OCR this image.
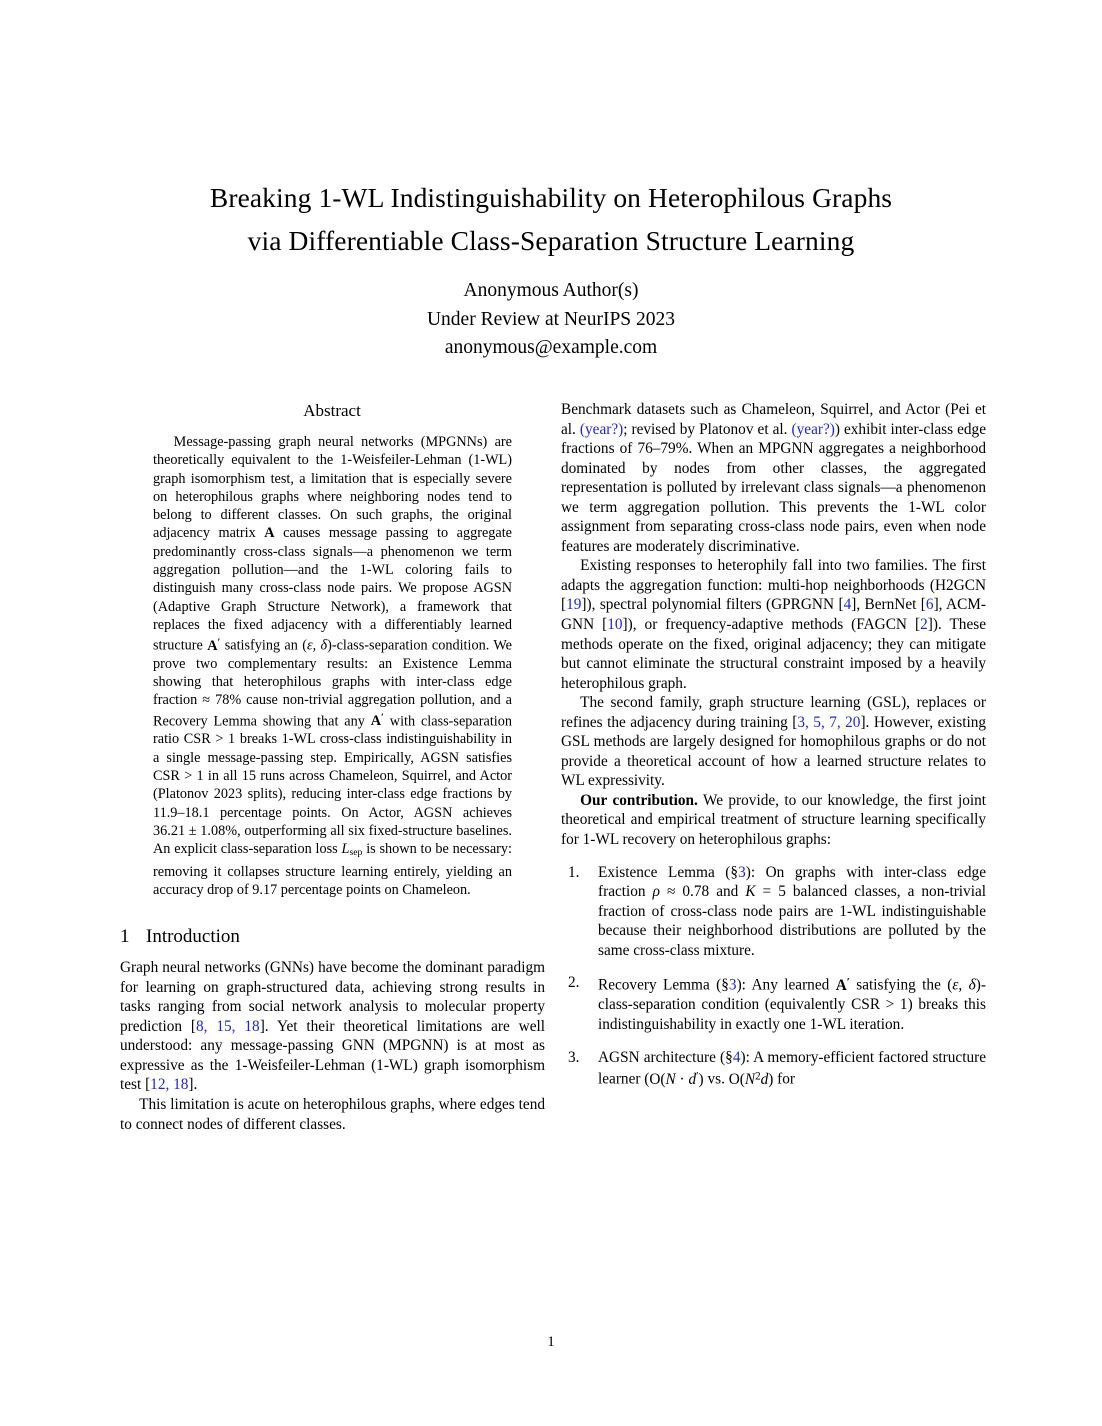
Breaking 1-WL Indistinguishability on Heterophilous Graphs
via Differentiable Class-Separation Structure Learning
Anonymous Author(s)
Under Review at NeurIPS 2023
anonymous@example.com
Abstract

Message-passing graph neural networks (MPGNNs) are theoretically equivalent to the 1-Weisfeiler-Lehman (1-WL) graph isomorphism test, a limitation that is especially severe on heterophilous graphs where neighboring nodes tend to belong to different classes. On such graphs, the original adjacency matrix A causes message passing to aggregate predominantly cross-class signals—a phenomenon we term aggregation pollution—and the 1-WL coloring fails to distinguish many cross-class node pairs. We propose AGSN (Adaptive Graph Structure Network), a framework that replaces the fixed adjacency with a differentiably learned structure A′ satisfying an (ε, δ)-class-separation condition. We prove two complementary results: an Existence Lemma showing that heterophilous graphs with inter-class edge fraction ≈ 78% cause non-trivial aggregation pollution, and a Recovery Lemma showing that any A′ with class-separation ratio CSR > 1 breaks 1-WL cross-class indistinguishability in a single message-passing step. Empirically, AGSN satisfies CSR > 1 in all 15 runs across Chameleon, Squirrel, and Actor (Platonov 2023 splits), reducing inter-class edge fractions by 11.9–18.1 percentage points. On Actor, AGSN achieves 36.21 ± 1.08%, outperforming all six fixed-structure baselines. An explicit class-separation loss $L_{sep}$ is shown to be necessary: removing it collapses structure learning entirely, yielding an accuracy drop of 9.17 percentage points on Chameleon.

1 Introduction

Graph neural networks (GNNs) have become the dominant paradigm for learning on graph-structured data, achieving strong results in tasks ranging from social network analysis to molecular property prediction [8, 15, 18]. Yet their theoretical limitations are well understood: any message-passing GNN (MPGNN) is at most as expressive as the 1-Weisfeiler-Lehman (1-WL) graph isomorphism test [12, 18].

This limitation is acute on heterophilous graphs, where edges tend to connect nodes of different classes.

Benchmark datasets such as Chameleon, Squirrel, and Actor (Pei et al. (year?); revised by Platonov et al. (year?)) exhibit inter-class edge fractions of 76–79%. When an MPGNN aggregates a neighborhood dominated by nodes from other classes, the aggregated representation is polluted by irrelevant class signals—a phenomenon we term aggregation pollution. This prevents the 1-WL color assignment from separating cross-class node pairs, even when node features are moderately discriminative.

Existing responses to heterophily fall into two families. The first adapts the aggregation function: multi-hop neighborhoods (H2GCN [19]), spectral polynomial filters (GPRGNN [4], BernNet [6], ACM-GNN [10]), or frequency-adaptive methods (FAGCN [2]). These methods operate on the fixed, original adjacency; they can mitigate but cannot eliminate the structural constraint imposed by a heavily heterophilous graph.

The second family, graph structure learning (GSL), replaces or refines the adjacency during training [3, 5, 7, 20]. However, existing GSL methods are largely designed for homophilous graphs or do not provide a theoretical account of how a learned structure relates to WL expressivity.

Our contribution. We provide, to our knowledge, the first joint theoretical and empirical treatment of structure learning specifically for 1-WL recovery on heterophilous graphs:

Existence Lemma (§3): On graphs with inter-class edge fraction ρ ≈ 0.78 and K = 5 balanced classes, a non-trivial fraction of cross-class node pairs are 1-WL indistinguishable because their neighborhood distributions are polluted by the same cross-class mixture.
Recovery Lemma (§3): Any learned A′ satisfying the (ε, δ)-class-separation condition (equivalently CSR > 1) breaks this indistinguishability in exactly one 1-WL iteration.
AGSN architecture (§4): A memory-efficient factored structure learner (O(N · d′) vs. $O(N^2d)$ for
1
